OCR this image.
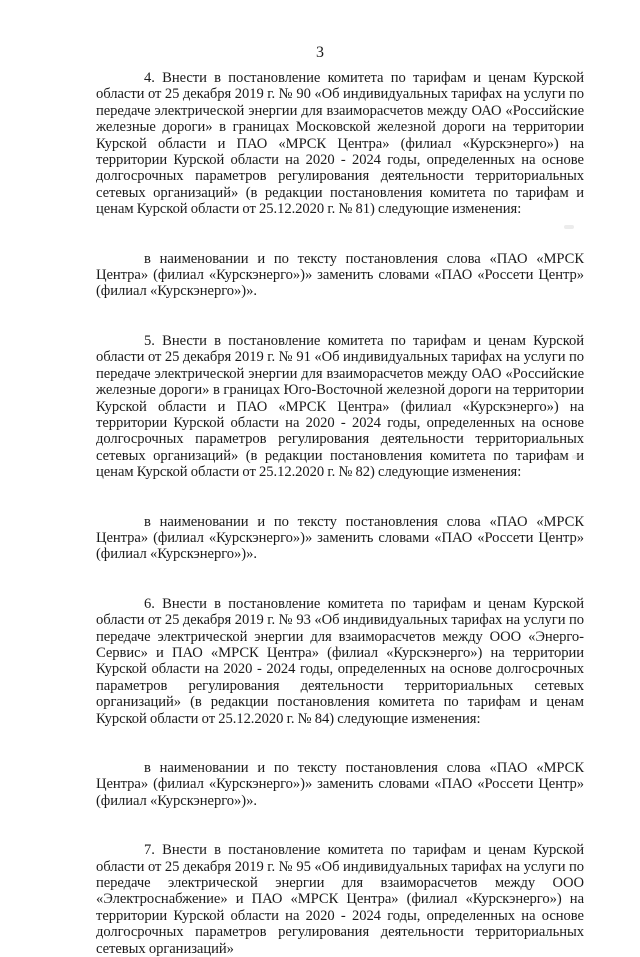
3

4. Внести в постановление комитета по тарифам и ценам Курской области от 25 декабря 2019 г. № 90 «Об индивидуальных тарифах на услуги по передаче электрической энергии для взаиморасчетов между ОАО «Российские железные дороги» в границах Московской железной дороги на территории Курской области и ПАО «МРСК Центра» (филиал «Курскэнерго») на территории Курской области на 2020 - 2024 годы, определенных на основе долгосрочных параметров регулирования деятельности территориальных сетевых организаций» (в редакции постановления комитета по тарифам и ценам Курской области от 25.12.2020 г. № 81) следующие изменения:

в наименовании и по тексту постановления слова «ПАО «МРСК Центра» (филиал «Курскэнерго»)» заменить словами «ПАО «Россети Центр» (филиал «Курскэнерго»)».

5. Внести в постановление комитета по тарифам и ценам Курской области от 25 декабря 2019 г. № 91 «Об индивидуальных тарифах на услуги по передаче электрической энергии для взаиморасчетов между ОАО «Российские железные дороги» в границах Юго-Восточной железной дороги на территории Курской области и ПАО «МРСК Центра» (филиал «Курскэнерго») на территории Курской области на 2020 - 2024 годы, определенных на основе долгосрочных параметров регулирования деятельности территориальных сетевых организаций» (в редакции постановления комитета по тарифам и ценам Курской области от 25.12.2020 г. № 82) следующие изменения:

в наименовании и по тексту постановления слова «ПАО «МРСК Центра» (филиал «Курскэнерго»)» заменить словами «ПАО «Россети Центр» (филиал «Курскэнерго»)».

6. Внести в постановление комитета по тарифам и ценам Курской области от 25 декабря 2019 г. № 93 «Об индивидуальных тарифах на услуги по передаче электрической энергии для взаиморасчетов между ООО «Энерго-Сервис» и ПАО «МРСК Центра» (филиал «Курскэнерго») на территории Курской области на 2020 - 2024 годы, определенных на основе долгосрочных параметров регулирования деятельности территориальных сетевых организаций» (в редакции постановления комитета по тарифам и ценам Курской области от 25.12.2020 г. № 84) следующие изменения:

в наименовании и по тексту постановления слова «ПАО «МРСК Центра» (филиал «Курскэнерго»)» заменить словами «ПАО «Россети Центр» (филиал «Курскэнерго»)».

7. Внести в постановление комитета по тарифам и ценам Курской области от 25 декабря 2019 г. № 95 «Об индивидуальных тарифах на услуги по передаче электрической энергии для взаиморасчетов между ООО «Электроснабжение» и ПАО «МРСК Центра» (филиал «Курскэнерго») на территории Курской области на 2020 - 2024 годы, определенных на основе долгосрочных параметров регулирования деятельности территориальных сетевых организаций»
